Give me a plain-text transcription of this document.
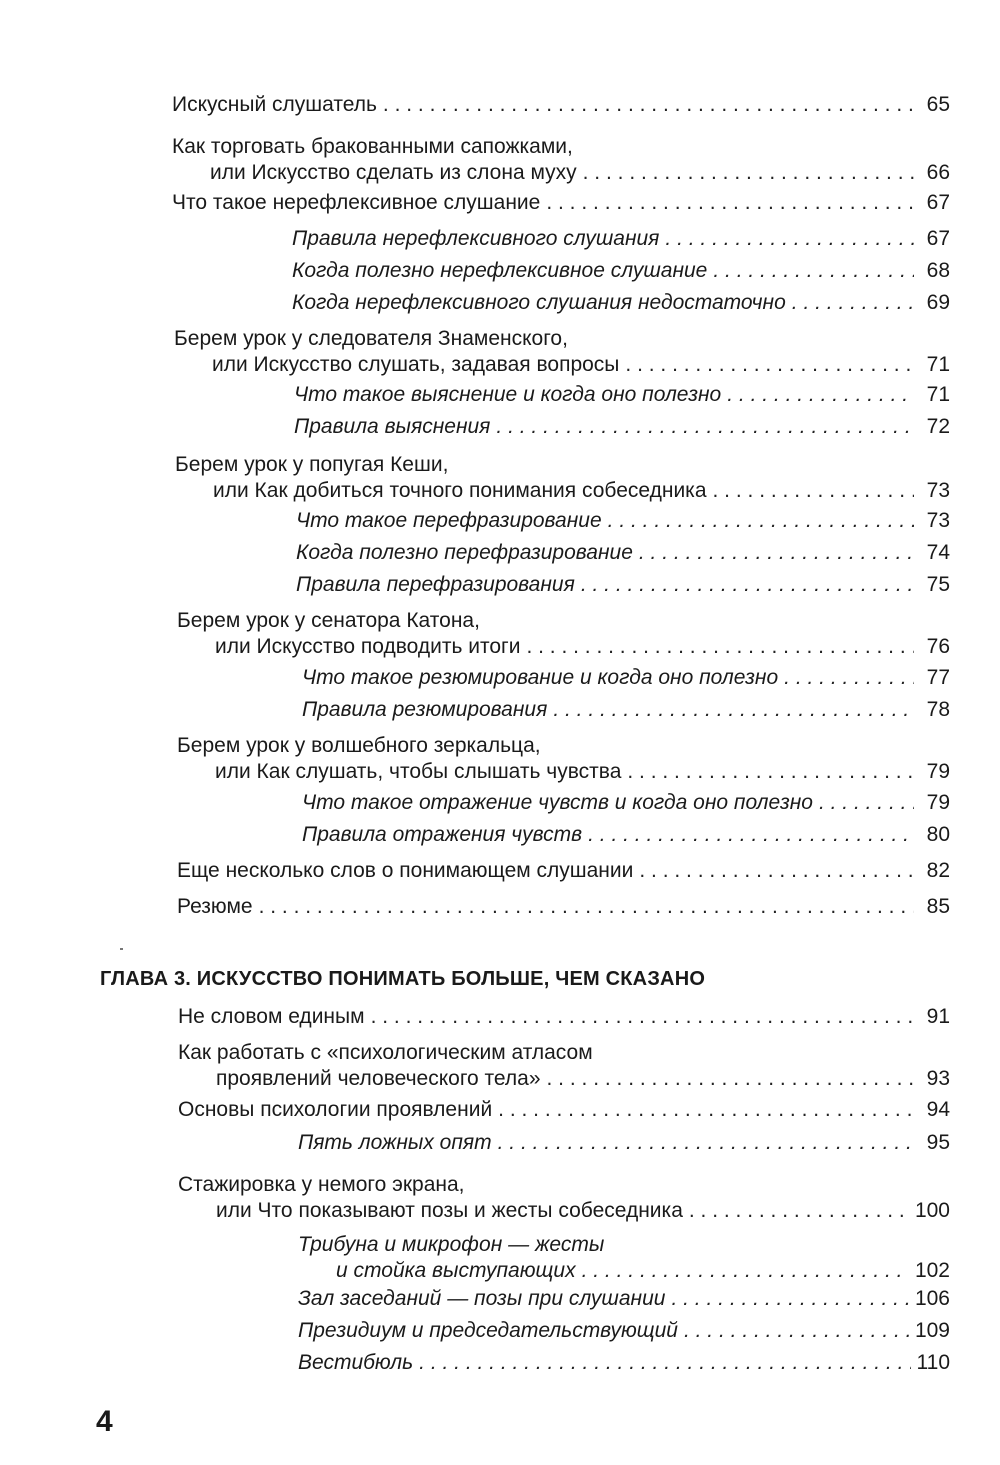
Искусный слушатель . . .	65
Как торговать бракованными сапожками,
или Искусство сделать из слона муху . . .	66
Что такое нерефлексивное слушание . . .	67
Правила нерефлексивного слушания . . .	67
Когда полезно нерефлексивное слушание . . .	68
Когда нерефлексивного слушания недостаточно . . .	69
Берем урок у следователя Знаменского,
или Искусство слушать, задавая вопросы . . .	71
Что такое выяснение и когда оно полезно . . .	71
Правила выяснения . . .	72
Берем урок у попугая Кеши,
или Как добиться точного понимания собеседника . . .	73
Что такое перефразирование . . .	73
Когда полезно перефразирование . . .	74
Правила перефразирования . . .	75
Берем урок у сенатора Катона,
или Искусство подводить итоги . . .	76
Что такое резюмирование и когда оно полезно . . .	77
Правила резюмирования . . .	78
Берем урок у волшебного зеркальца,
или Как слушать, чтобы слышать чувства . . .	79
Что такое отражение чувств и когда оно полезно . . .	79
Правила отражения чувств . . .	80
Еще несколько слов о понимающем слушании . . .	82
Резюме . . .	85
ГЛАВА 3. ИСКУССТВО ПОНИМАТЬ БОЛЬШЕ, ЧЕМ СКАЗАНО
Не словом единым . . .	91
Как работать с «психологическим атласом
проявлений человеческого тела» . . .	93
Основы психологии проявлений . . .	94
Пять ложных опят . . .	95
Стажировка у немого экрана,
или Что показывают позы и жесты собеседника . . .	100
Трибуна и микрофон — жесты
и стойка выступающих . . .	102
Зал заседаний — позы при слушании . . .	106
Президиум и председательствующий . . .	109
Вестибюль . . .	110
4
